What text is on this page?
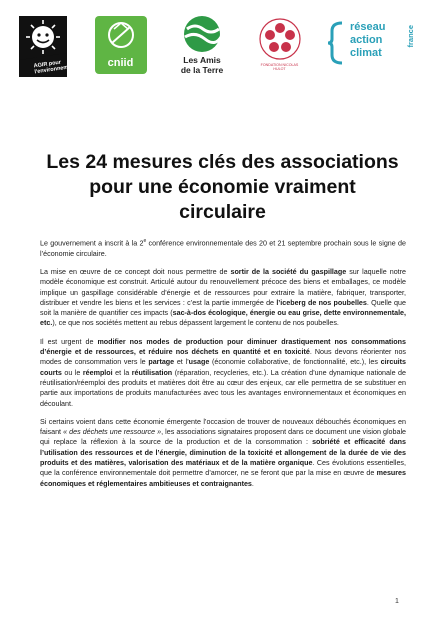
AGIR pour l'environnement
cniid	Les Amis
de la Terre	FONDATION NICOLAS HULOT
réseau
action
climat
france
Les 24 mesures clés des associations
pour une économie vraiment
circulaire

Le gouvernement a inscrit à la 2e conférence environnementale des 20 et 21 septembre prochain sous le signe de l’économie circulaire.

La mise en œuvre de ce concept doit nous permettre de sortir de la société du gaspillage sur laquelle notre modèle économique est construit. Articulé autour du renouvellement précoce des biens et emballages, ce modèle implique un gaspillage considérable d’énergie et de ressources pour extraire la matière, fabriquer, transporter, distribuer et vendre les biens et les services : c’est la partie immergée de l’iceberg de nos poubelles. Quelle que soit la manière de quantifier ces impacts (sac-à-dos écologique, énergie ou eau grise, dette environnementale, etc.), ce que nos sociétés mettent au rebus dépassent largement le contenu de nos poubelles.

Il est urgent de modifier nos modes de production pour diminuer drastiquement nos consommations d’énergie et de ressources, et réduire nos déchets en quantité et en toxicité. Nous devons réorienter nos modes de consommation vers le partage et l’usage (économie collaborative, de fonctionnalité, etc.), les circuits courts ou le réemploi et la réutilisation (réparation, recycleries, etc.). La création d’une dynamique nationale de réutilisation/réemploi des produits et matières doit être au cœur des enjeux, car elle permettra de se substituer en partie aux importations de produits manufacturées avec tous les avantages environnementaux et économiques en découlant.

Si certains voient dans cette économie émergente l’occasion de trouver de nouveaux débouchés économiques en faisant « des déchets une ressource », les associations signataires proposent dans ce document une vision globale qui replace la réflexion à la source de la production et de la consommation : sobriété et efficacité dans l’utilisation des ressources et de l’énergie, diminution de la toxicité et allongement de la durée de vie des produits et des matières, valorisation des matériaux et de la matière organique. Ces évolutions essentielles, que la conférence environnementale doit permettre d’amorcer, ne se feront que par la mise en œuvre de mesures économiques et réglementaires ambitieuses et contraignantes.

1
